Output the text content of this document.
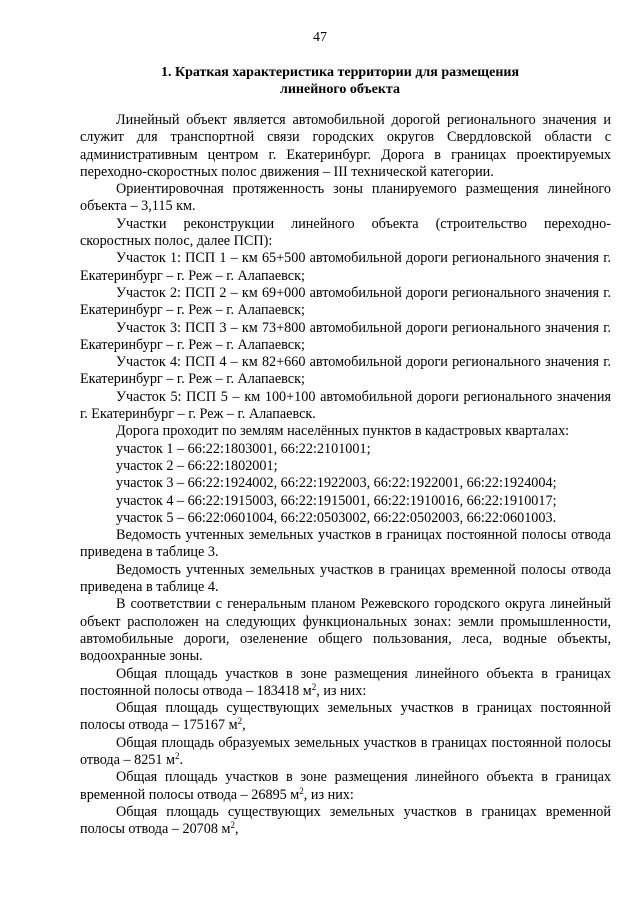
47
1. Краткая характеристика территории для размещения
линейного объекта

Линейный объект является автомобильной дорогой регионального значения и служит для транспортной связи городских округов Свердловской области с административным центром г. Екатеринбург. Дорога в границах проектируемых переходно-скоростных полос движения – III технической категории.

Ориентировочная протяженность зоны планируемого размещения линейного объекта – 3,115 км.

Участки реконструкции линейного объекта (строительство переходно-скоростных полос, далее ПСП):

Участок 1: ПСП 1 – км 65+500 автомобильной дороги регионального значения г. Екатеринбург – г. Реж – г. Алапаевск;

Участок 2: ПСП 2 – км 69+000 автомобильной дороги регионального значения г. Екатеринбург – г. Реж – г. Алапаевск;

Участок 3: ПСП 3 – км 73+800 автомобильной дороги регионального значения г. Екатеринбург – г. Реж – г. Алапаевск;

Участок 4: ПСП 4 – км 82+660 автомобильной дороги регионального значения г. Екатеринбург – г. Реж – г. Алапаевск;

Участок 5: ПСП 5 – км 100+100 автомобильной дороги регионального значения г. Екатеринбург – г. Реж – г. Алапаевск.

Дорога проходит по землям населённых пунктов в кадастровых кварталах:

участок 1 – 66:22:1803001, 66:22:2101001;

участок 2 – 66:22:1802001;

участок 3 – 66:22:1924002, 66:22:1922003, 66:22:1922001, 66:22:1924004;

участок 4 – 66:22:1915003, 66:22:1915001, 66:22:1910016, 66:22:1910017;

участок 5 – 66:22:0601004, 66:22:0503002, 66:22:0502003, 66:22:0601003.

Ведомость учтенных земельных участков в границах постоянной полосы отвода приведена в таблице 3.

Ведомость учтенных земельных участков в границах временной полосы отвода приведена в таблице 4.

В соответствии с генеральным планом Режевского городского округа линейный объект расположен на следующих функциональных зонах: земли промышленности, автомобильные дороги, озеленение общего пользования, леса, водные объекты, водоохранные зоны.

Общая площадь участков в зоне размещения линейного объекта в границах постоянной полосы отвода – 183418 $м^2$, из них:

Общая площадь существующих земельных участков в границах постоянной полосы отвода – 175167 $м^2$,

Общая площадь образуемых земельных участков в границах постоянной полосы отвода – 8251 $м^2$.

Общая площадь участков в зоне размещения линейного объекта в границах временной полосы отвода – 26895 $м^2$, из них:

Общая площадь существующих земельных участков в границах временной полосы отвода – 20708 $м^2$,
